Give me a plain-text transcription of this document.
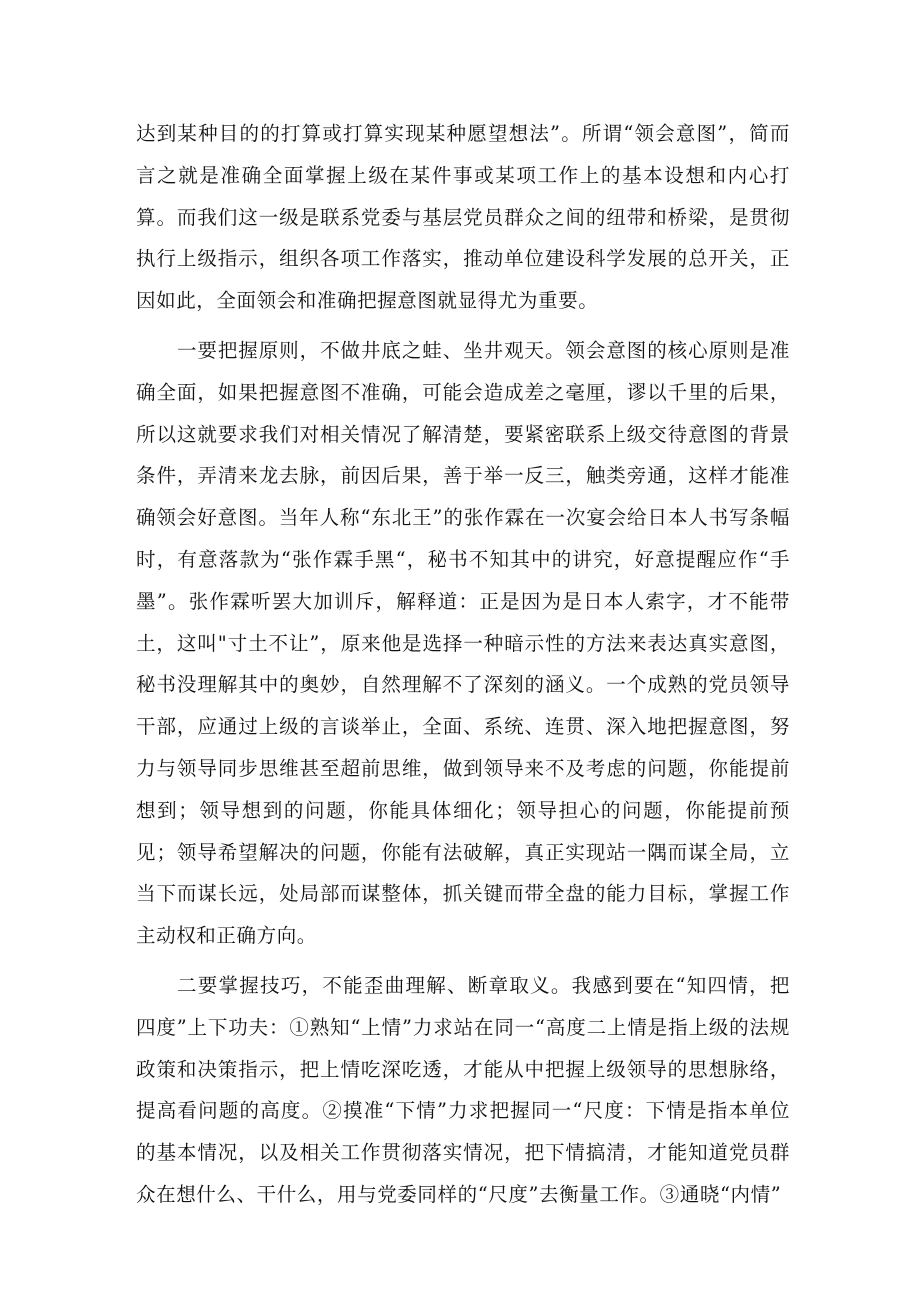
达到某种目的的打算或打算实现某种愿望想法”。所谓“领会意图”，简而言之就是准确全面掌握上级在某件事或某项工作上的基本设想和内心打算。而我们这一级是联系党委与基层党员群众之间的纽带和桥梁，是贯彻执行上级指示，组织各项工作落实，推动单位建设科学发展的总开关，正因如此，全面领会和准确把握意图就显得尤为重要。

一要把握原则，不做井底之蛙、坐井观天。领会意图的核心原则是准确全面，如果把握意图不准确，可能会造成差之毫厘，谬以千里的后果，所以这就要求我们对相关情况了解清楚，要紧密联系上级交待意图的背景条件，弄清来龙去脉，前因后果，善于举一反三，触类旁通，这样才能准确领会好意图。当年人称“东北王”的张作霖在一次宴会给日本人书写条幅时，有意落款为“张作霖手黑“，秘书不知其中的讲究，好意提醒应作“手墨”。张作霖听罢大加训斥，解释道：正是因为是日本人索字，才不能带土，这叫"寸土不让”，原来他是选择一种暗示性的方法来表达真实意图，秘书没理解其中的奥妙，自然理解不了深刻的涵义。一个成熟的党员领导干部，应通过上级的言谈举止，全面、系统、连贯、深入地把握意图，努力与领导同步思维甚至超前思维，做到领导来不及考虑的问题，你能提前想到；领导想到的问题，你能具体细化；领导担心的问题，你能提前预见；领导希望解决的问题，你能有法破解，真正实现站一隅而谋全局，立当下而谋长远，处局部而谋整体，抓关键而带全盘的能力目标，掌握工作主动权和正确方向。

二要掌握技巧，不能歪曲理解、断章取义。我感到要在“知四情，把四度”上下功夫：①熟知“上情”力求站在同一“高度二上情是指上级的法规政策和决策指示，把上情吃深吃透，才能从中把握上级领导的思想脉络，提高看问题的高度。②摸准“下情”力求把握同一“尺度：下情是指本单位的基本情况，以及相关工作贯彻落实情况，把下情搞清，才能知道党员群众在想什么、干什么，用与党委同样的“尺度”去衡量工作。③通晓“内情”
